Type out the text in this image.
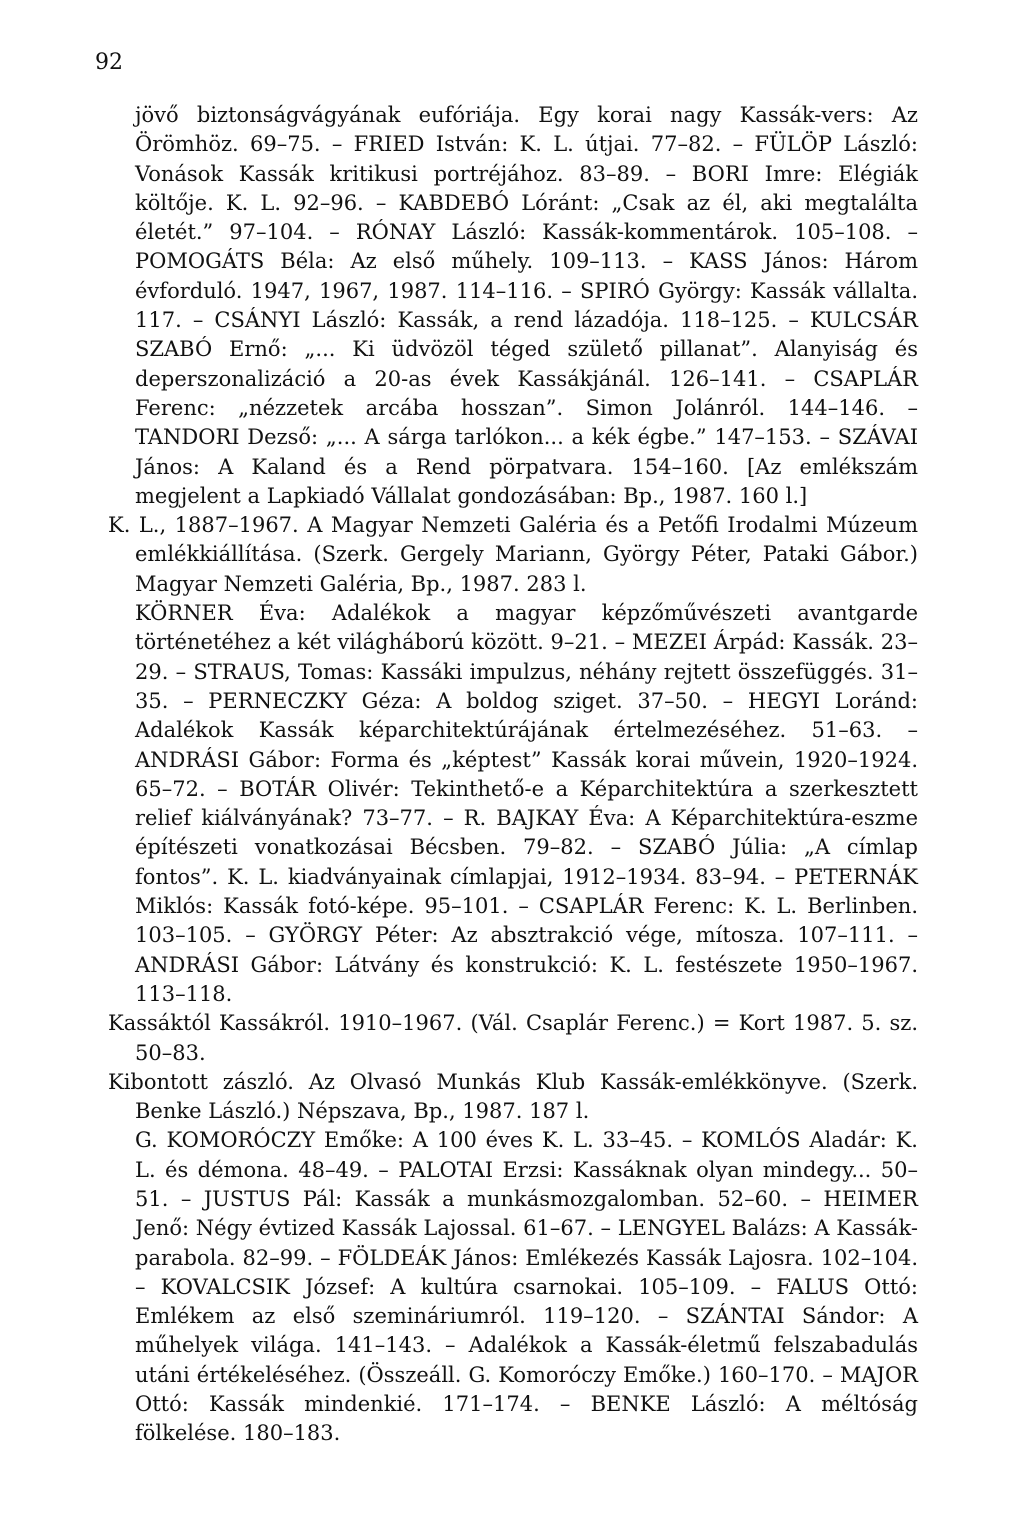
92

jövő biztonságvágyának eufóriája. Egy korai nagy Kassák-vers: Az Örömhöz. 69–75. – FRIED István: K. L. útjai. 77–82. – FÜLÖP László: Vonások Kassák kritikusi portréjához. 83–89. – BORI Imre: Elégiák költője. K. L. 92–96. – KABDEBÓ Lóránt: „Csak az él, aki megtalálta életét.” 97–104. – RÓNAY László: Kassák-kommentárok. 105–108. – POMOGÁTS Béla: Az első műhely. 109–113. – KASS János: Három évforduló. 1947, 1967, 1987. 114–116. – SPIRÓ György: Kassák vállalta. 117. – CSÁNYI László: Kassák, a rend lázadója. 118–125. – KULCSÁR SZABÓ Ernő: „... Ki üdvözöl téged születő pillanat”. Alanyiság és deperszonalizáció a 20-as évek Kassákjánál. 126–141. – CSAPLÁR Ferenc: „nézzetek arcába hosszan”. Simon Jolánról. 144–146. – TANDORI Dezső: „... A sárga tarlókon... a kék égbe.” 147–153. – SZÁVAI János: A Kaland és a Rend pörpatvara. 154–160. [Az emlékszám megjelent a Lapkiadó Vállalat gondozásában: Bp., 1987. 160 l.]

K. L., 1887–1967. A Magyar Nemzeti Galéria és a Petőfi Irodalmi Múzeum emlékkiállítása. (Szerk. Gergely Mariann, György Péter, Pataki Gábor.) Magyar Nemzeti Galéria, Bp., 1987. 283 l.

KÖRNER Éva: Adalékok a magyar képzőművészeti avantgarde történetéhez a két világháború között. 9–21. – MEZEI Árpád: Kassák. 23–29. – STRAUS, Tomas: Kassáki impulzus, néhány rejtett összefüggés. 31–35. – PERNECZKY Géza: A boldog sziget. 37–50. – HEGYI Loránd: Adalékok Kassák képarchitektúrájának értelmezéséhez. 51–63. – ANDRÁSI Gábor: Forma és „képtest” Kassák korai művein, 1920–1924. 65–72. – BOTÁR Olivér: Tekinthető-e a Képarchitektúra a szerkesztett relief kiálványának? 73–77. – R. BAJKAY Éva: A Képarchitektúra-eszme építészeti vonatkozásai Bécsben. 79–82. – SZABÓ Júlia: „A címlap fontos”. K. L. kiadványainak címlapjai, 1912–1934. 83–94. – PETERNÁK Miklós: Kassák fotó-képe. 95–101. – CSAPLÁR Ferenc: K. L. Berlinben. 103–105. – GYÖRGY Péter: Az absztrakció vége, mítosza. 107–111. – ANDRÁSI Gábor: Látvány és konstrukció: K. L. festészete 1950–1967. 113–118.

Kassáktól Kassákról. 1910–1967. (Vál. Csaplár Ferenc.) = Kort 1987. 5. sz. 50–83.

Kibontott zászló. Az Olvasó Munkás Klub Kassák-emlékkönyve. (Szerk. Benke László.) Népszava, Bp., 1987. 187 l.

G. KOMORÓCZY Emőke: A 100 éves K. L. 33–45. – KOMLÓS Aladár: K. L. és démona. 48–49. – PALOTAI Erzsi: Kassáknak olyan mindegy... 50–51. – JUSTUS Pál: Kassák a munkásmozgalomban. 52–60. – HEIMER Jenő: Négy évtized Kassák Lajossal. 61–67. – LENGYEL Balázs: A Kassák-parabola. 82–99. – FÖLDEÁK János: Emlékezés Kassák Lajosra. 102–104. – KOVALCSIK József: A kultúra csarnokai. 105–109. – FALUS Ottó: Emlékem az első szemináriumról. 119–120. – SZÁNTAI Sándor: A műhelyek világa. 141–143. – Adalékok a Kassák-életmű felszabadulás utáni értékeléséhez. (Összeáll. G. Komoróczy Emőke.) 160–170. – MAJOR Ottó: Kassák mindenkié. 171–174. – BENKE László: A méltóság fölkelése. 180–183.
